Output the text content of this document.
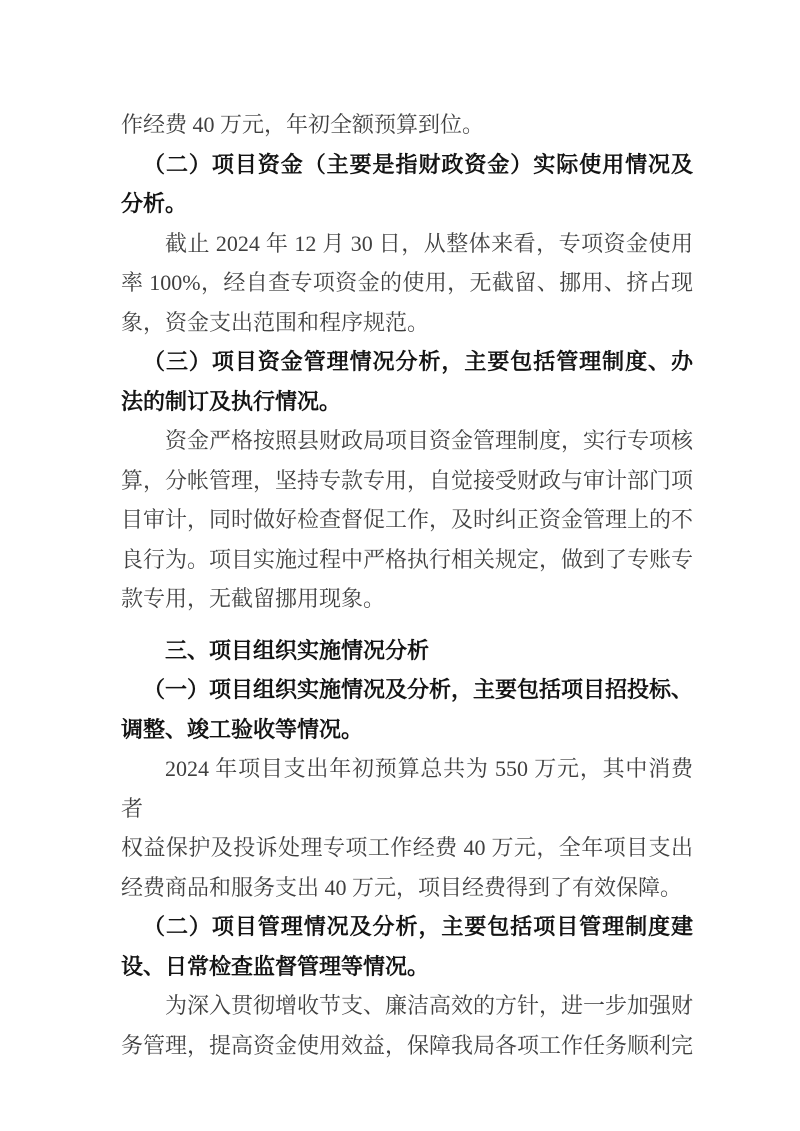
作经费 40 万元，年初全额预算到位。
（二）项目资金（主要是指财政资金）实际使用情况及
分析。
截止 2024 年 12 月 30 日，从整体来看，专项资金使用
率 100%，经自查专项资金的使用，无截留、挪用、挤占现
象，资金支出范围和程序规范。
（三）项目资金管理情况分析，主要包括管理制度、办
法的制订及执行情况。
资金严格按照县财政局项目资金管理制度，实行专项核
算，分帐管理，坚持专款专用，自觉接受财政与审计部门项
目审计，同时做好检查督促工作，及时纠正资金管理上的不
良行为。项目实施过程中严格执行相关规定，做到了专账专
款专用，无截留挪用现象。
三、项目组织实施情况分析
（一）项目组织实施情况及分析，主要包括项目招投标、
调整、竣工验收等情况。
2024 年项目支出年初预算总共为 550 万元，其中消费者
权益保护及投诉处理专项工作经费 40 万元，全年项目支出
经费商品和服务支出 40 万元，项目经费得到了有效保障。
（二）项目管理情况及分析，主要包括项目管理制度建
设、日常检查监督管理等情况。
为深入贯彻增收节支、廉洁高效的方针，进一步加强财
务管理，提高资金使用效益，保障我局各项工作任务顺利完
